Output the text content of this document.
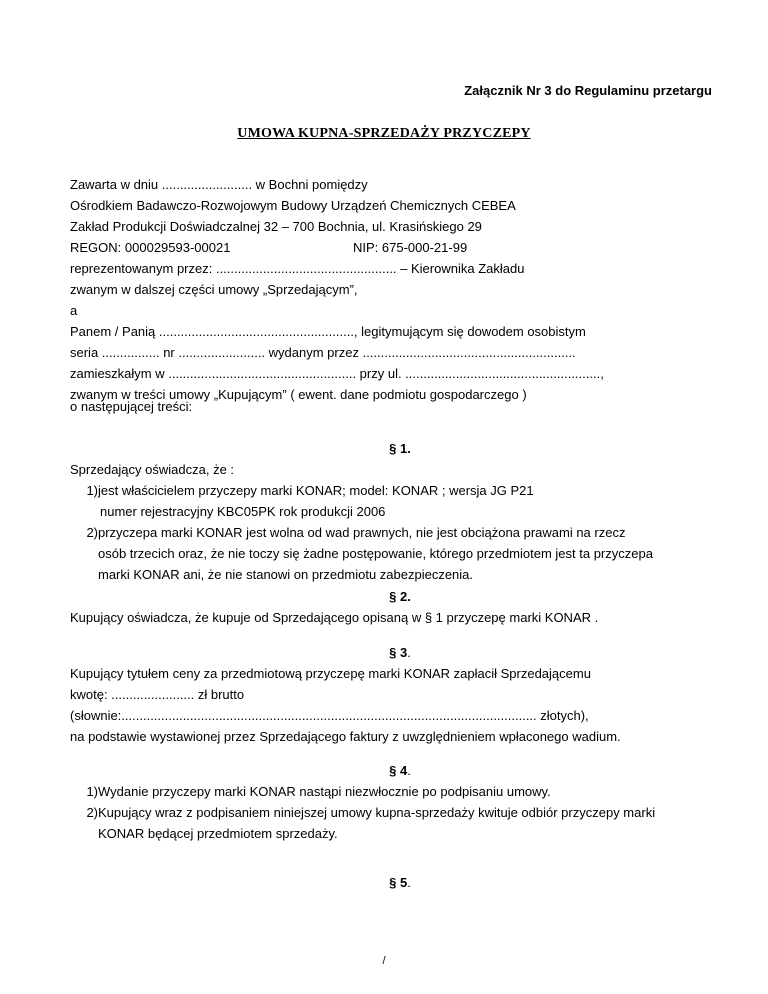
Załącznik Nr 3 do Regulaminu przetargu
UMOWA KUPNA-SPRZEDAŻY PRZYCZEPY
Zawarta w dniu ......................... w Bochni pomiędzy
Ośrodkiem Badawczo-Rozwojowym Budowy Urządzeń Chemicznych CEBEA
Zakład Produkcji Doświadczalnej 32 – 700 Bochnia, ul. Krasińskiego 29
REGON: 000029593-00021	NIP: 675-000-21-99
reprezentowanym przez: .................................................. – Kierownika Zakładu
zwanym w dalszej części umowy „Sprzedającym”,
a
Panem / Panią ......................................................, legitymującym się dowodem osobistym
seria ................ nr ........................ wydanym przez ...........................................................
zamieszkałym w .................................................... przy ul. ......................................................,
zwanym w treści umowy „Kupującym” ( ewent. dane podmiotu gospodarczego )
o następującej treści:
§ 1.
Sprzedający oświadcza, że :
1) jest właścicielem przyczepy marki KONAR; model: KONAR ; wersja JG P21
numer rejestracyjny KBC05PK rok produkcji 2006
2) przyczepa marki KONAR jest wolna od wad prawnych, nie jest obciążona prawami na rzecz
osób trzecich oraz, że nie toczy się żadne postępowanie, którego przedmiotem jest ta przyczepa
marki KONAR ani, że nie stanowi on przedmiotu zabezpieczenia.
§ 2.
Kupujący oświadcza, że kupuje od Sprzedającego opisaną w § 1 przyczepę marki KONAR .
§ 3.
Kupujący tytułem ceny za przedmiotową przyczepę marki KONAR zapłacił Sprzedającemu
kwotę: ....................... zł brutto
(słownie:................................................................................................................... złotych),
na podstawie wystawionej przez Sprzedającego faktury z uwzględnieniem wpłaconego wadium.
§ 4.
1) Wydanie przyczepy marki KONAR nastąpi niezwłocznie po podpisaniu umowy.
2) Kupujący wraz z podpisaniem niniejszej umowy kupna-sprzedaży kwituje odbiór przyczepy marki
KONAR będącej przedmiotem sprzedaży.
§ 5.
/
